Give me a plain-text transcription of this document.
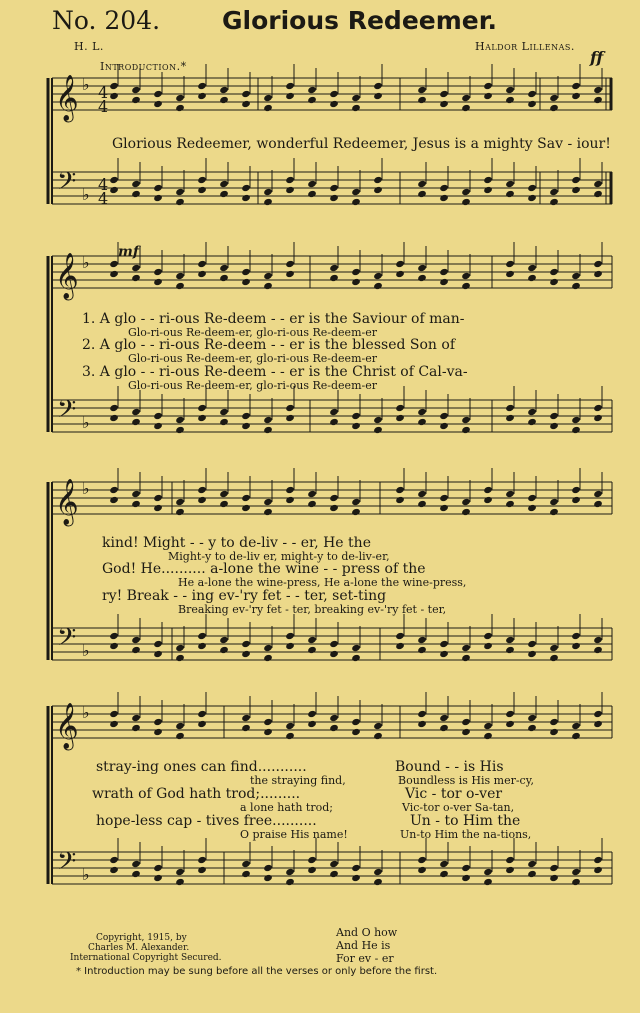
No. 204. Glorious Redeemer.
H. L.	Haldor Lillenas.
𝄞
𝄢
♭
♭
𝄞
𝄢
♭
♭
𝄞
𝄢
♭
♭
𝄞
𝄢
♭
♭
4
4
4
4
Introduction.*	ff
Glorious Redeemer, wonderful Redeemer, Jesus is a mighty Sav - iour!
mf
1. A glo - - ri-ous Re-deem - - er is the Saviour of man-
Glo-ri-ous Re-deem-er, glo-ri-ous Re-deem-er
2. A glo - - ri-ous Re-deem - - er is the blessed Son of
Glo-ri-ous Re-deem-er, glo-ri-ous Re-deem-er
3. A glo - - ri-ous Re-deem - - er is the Christ of Cal-va-
Glo-ri-ous Re-deem-er, glo-ri-ous Re-deem-er
kind! Might - - y to de-liv - - er, He the
Might-y to de-liv er, might-y to de-liv-er,
God! He.......... a-lone the wine - - press of the
He a-lone the wine-press, He a-lone the wine-press,
ry! Break - - ing ev-'ry fet - - ter, set-ting
Breaking ev-'ry fet - ter, breaking ev-'ry fet - ter,
stray-ing ones can find...........	Bound - - is His
the straying find,	Boundless is His mer-cy,
wrath of God hath trod;.........	Vic - tor o-ver
a lone hath trod;	Vic-tor o-ver Sa-tan,
hope-less cap - tives free..........	Un - to Him the
O praise His name!	Un-to Him the na-tions,
And O how
And He is
For ev - er
Copyright, 1915, by
Charles M. Alexander.
International Copyright Secured.
* Introduction may be sung before all the verses or only before the first.
